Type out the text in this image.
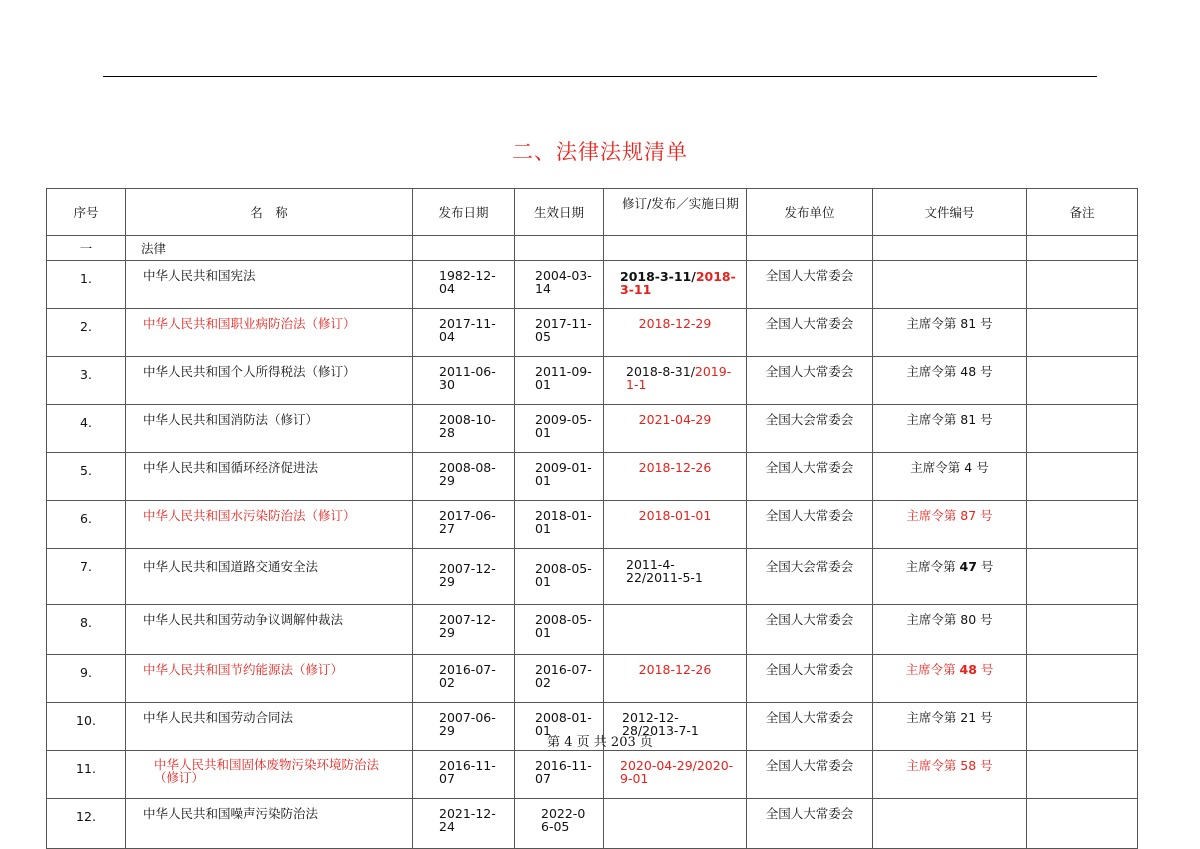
二、法律法规清单
序号	名　称	发布日期	生效日期	修订/发布／实施日期	发布单位	文件编号	备注
一	法律						
1.	中华人民共和国宪法	1982-12-04	2004-03-14	2018-3-11/2018-3-11	全国人大常委会		
2.	中华人民共和国职业病防治法（修订）	2017-11-04	2017-11-05	2018-12-29	全国人大常委会	主席令第 81 号	
3.	中华人民共和国个人所得税法（修订）	2011-06-30	2011-09-01	2018-8-31/2019-1-1	全国人大常委会	主席令第 48 号	
4.	中华人民共和国消防法（修订）	2008-10-28	2009-05-01	2021-04-29	全国大会常委会	主席令第 81 号	
5.	中华人民共和国循环经济促进法	2008-08-29	2009-01-01	2018-12-26	全国人大常委会	主席令第 4 号	
6.	中华人民共和国水污染防治法（修订）	2017-06-27	2018-01-01	2018-01-01	全国人大常委会	主席令第 87 号	
7.	中华人民共和国道路交通安全法	2007-12-29	2008-05-01	2011-4-22/2011-5-1	全国大会常委会	主席令第 47 号	
8.	中华人民共和国劳动争议调解仲裁法	2007-12-29	2008-05-01		全国人大常委会	主席令第 80 号	
9.	中华人民共和国节约能源法（修订）	2016-07-02	2016-07-02	2018-12-26	全国人大常委会	主席令第 48 号	
10.	中华人民共和国劳动合同法	2007-06-29	2008-01-01	2012-12-28/2013-7-1	全国人大常委会	主席令第 21 号	
11.	中华人民共和国固体废物污染环境防治法（修订）	2016-11-07	2016-11-07	2020-04-29/2020-9-01	全国人大常委会	主席令第 58 号	
12.	中华人民共和国噪声污染防治法	2021-12-24	2022-06-05		全国人大常委会		
第 4 页 共 203 页
